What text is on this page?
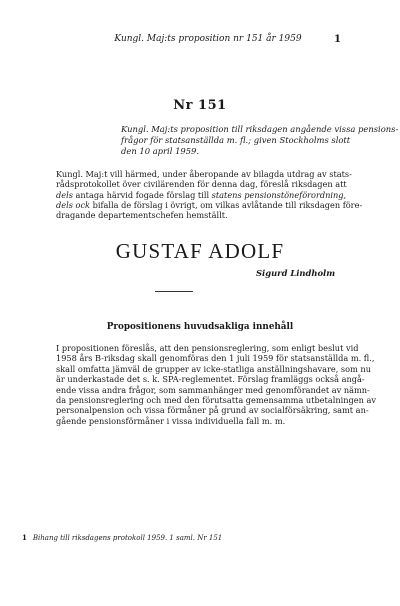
Kungl. Maj:ts proposition nr 151 år 1959	1
Nr 151
Kungl. Maj:ts proposition till riksdagen angående vissa pensions-
frågor för statsanställda m. fl.; given Stockholms slott
den 10 april 1959.
Kungl. Maj:t vill härmed, under åberopande av bilagda utdrag av stats-
rådsprotokollet över civilärenden för denna dag, föreslå riksdagen att
dels antaga härvid fogade förslag till statens pensionstöneförordning,
dels ock bifalla de förslag i övrigt, om vilkas avlåtande till riksdagen före-
dragande departementschefen hemställt.
GUSTAF ADOLF
Sigurd Lindholm
Propositionens huvudsakliga innehåll
I propositionen föreslås, att den pensionsreglering, som enligt beslut vid
1958 års B-riksdag skall genomföras den 1 juli 1959 för statsanställda m. fl.,
skall omfatta jämväl de grupper av icke-statliga anställningshavare, som nu
är underkastade det s. k. SPA-reglementet. Förslag framläggs också angå-
ende vissa andra frågor, som sammanhänger med genomförandet av nämn-
da pensionsreglering och med den förutsatta gemensamma utbetalningen av
personalpension och vissa förmåner på grund av socialförsäkring, samt an-
gående pensionsförmåner i vissa individuella fall m. m.
1 Bihang till riksdagens protokoll 1959. 1 saml. Nr 151
